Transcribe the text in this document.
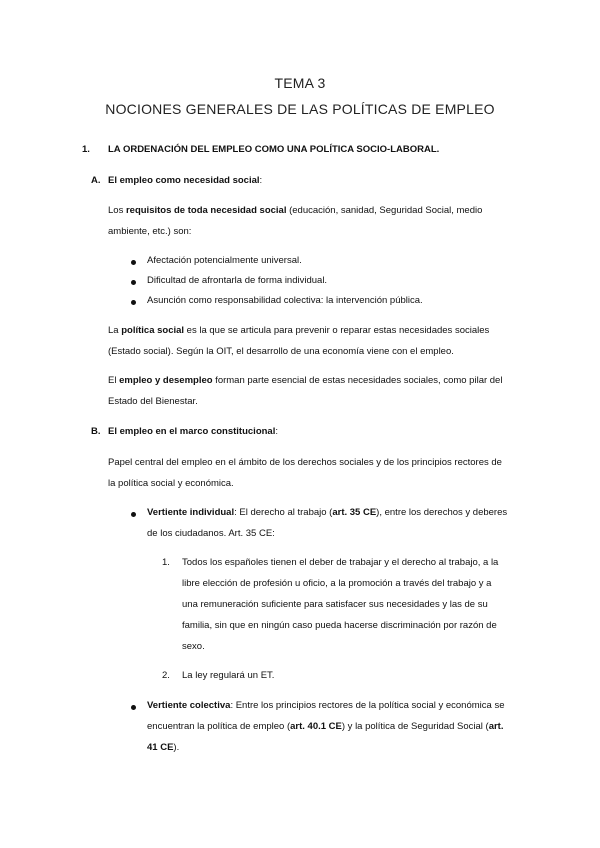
TEMA 3

NOCIONES GENERALES DE LAS POLÍTICAS DE EMPLEO

1. LA ORDENACIÓN DEL EMPLEO COMO UNA POLÍTICA SOCIO-LABORAL.
A. El empleo como necesidad social:
Los requisitos de toda necesidad social (educación, sanidad, Seguridad Social, medio
ambiente, etc.) son:
Afectación potencialmente universal.
Dificultad de afrontarla de forma individual.
Asunción como responsabilidad colectiva: la intervención pública.
La política social es la que se articula para prevenir o reparar estas necesidades sociales
(Estado social). Según la OIT, el desarrollo de una economía viene con el empleo.
El empleo y desempleo forman parte esencial de estas necesidades sociales, como pilar del
Estado del Bienestar.
B. El empleo en el marco constitucional:
Papel central del empleo en el ámbito de los derechos sociales y de los principios rectores de
la política social y económica.
Vertiente individual: El derecho al trabajo (art. 35 CE), entre los derechos y deberes
de los ciudadanos. Art. 35 CE:
1. Todos los españoles tienen el deber de trabajar y el derecho al trabajo, a la
libre elección de profesión u oficio, a la promoción a través del trabajo y a
una remuneración suficiente para satisfacer sus necesidades y las de su
familia, sin que en ningún caso pueda hacerse discriminación por razón de
sexo.
2. La ley regulará un ET.
Vertiente colectiva: Entre los principios rectores de la política social y económica se
encuentran la política de empleo (art. 40.1 CE) y la política de Seguridad Social (art.
41 CE).
